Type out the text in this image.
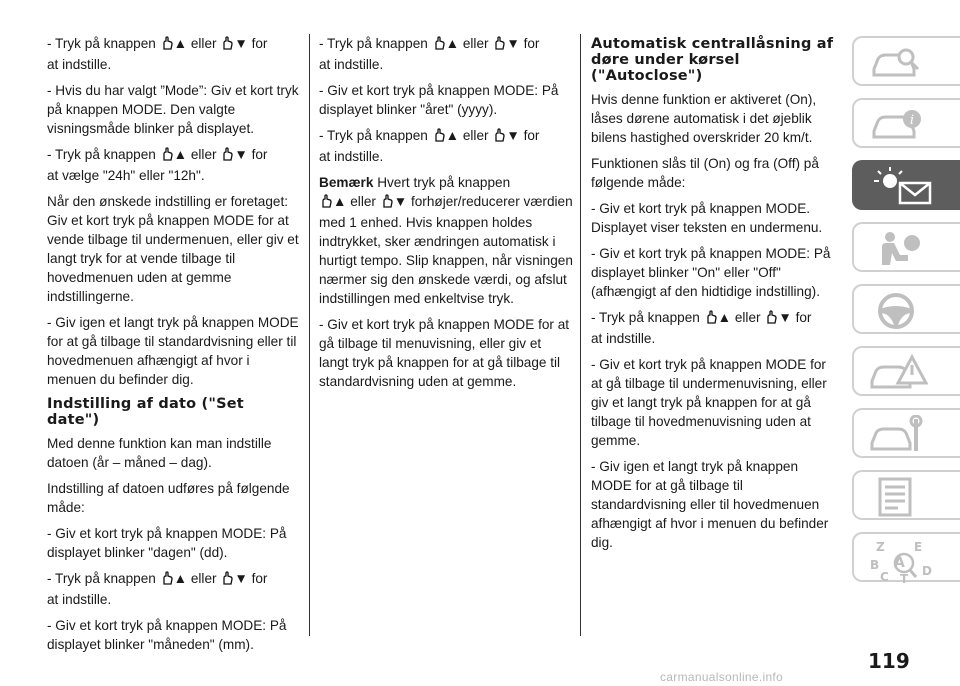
- Tryk på knappen ▲ eller ▼ for
at indstille.

- Hvis du har valgt ”Mode”: Giv et kort tryk på knappen MODE. Den valgte visningsmåde blinker på displayet.

- Tryk på knappen ▲ eller ▼ for
at vælge "24h" eller "12h".

Når den ønskede indstilling er foretaget: Giv et kort tryk på knappen MODE for at vende tilbage til undermenuen, eller giv et langt tryk for at vende tilbage til hovedmenuen uden at gemme indstillingerne.

- Giv igen et langt tryk på knappen MODE for at gå tilbage til standardvisning eller til hovedmenuen afhængigt af hvor i menuen du befinder dig.

Indstilling af dato ("Set date")

Med denne funktion kan man indstille datoen (år – måned – dag).

Indstilling af datoen udføres på følgende måde:

- Giv et kort tryk på knappen MODE: På displayet blinker "dagen" (dd).

- Tryk på knappen ▲ eller ▼ for
at indstille.

- Giv et kort tryk på knappen MODE: På displayet blinker "måneden" (mm).

- Tryk på knappen ▲ eller ▼ for
at indstille.

- Giv et kort tryk på knappen MODE: På displayet blinker "året" (yyyy).

- Tryk på knappen ▲ eller ▼ for
at indstille.

Bemærk Hvert tryk på knappen
▲ eller ▼ forhøjer/reducerer værdien med 1 enhed. Hvis knappen holdes indtrykket, sker ændringen automatisk i hurtigt tempo. Slip knappen, når visningen nærmer sig den ønskede værdi, og afslut indstillingen med enkeltvise tryk.

- Giv et kort tryk på knappen MODE for at gå tilbage til menuvisning, eller giv et langt tryk på knappen for at gå tilbage til standardvisning uden at gemme.

Automatisk centrallåsning af døre under kørsel ("Autoclose")

Hvis denne funktion er aktiveret (On), låses dørene automatisk i det øjeblik bilens hastighed overskrider 20 km/t.

Funktionen slås til (On) og fra (Off) på følgende måde:

- Giv et kort tryk på knappen MODE. Displayet viser teksten en undermenu.

- Giv et kort tryk på knappen MODE: På displayet blinker "On" eller "Off" (afhængigt af den hidtidige indstilling).

- Tryk på knappen ▲ eller ▼ for
at indstille.

- Giv et kort tryk på knappen MODE for at gå tilbage til undermenuvisning, eller giv et langt tryk på knappen for at gå tilbage til hovedmenuvisning uden at gemme.

- Giv igen et langt tryk på knappen MODE for at gå tilbage til standardvisning eller til hovedmenuen afhængigt af hvor i menuen du befinder dig.

i
Z E
A
B
C T
D
119
carmanualsonline.info
